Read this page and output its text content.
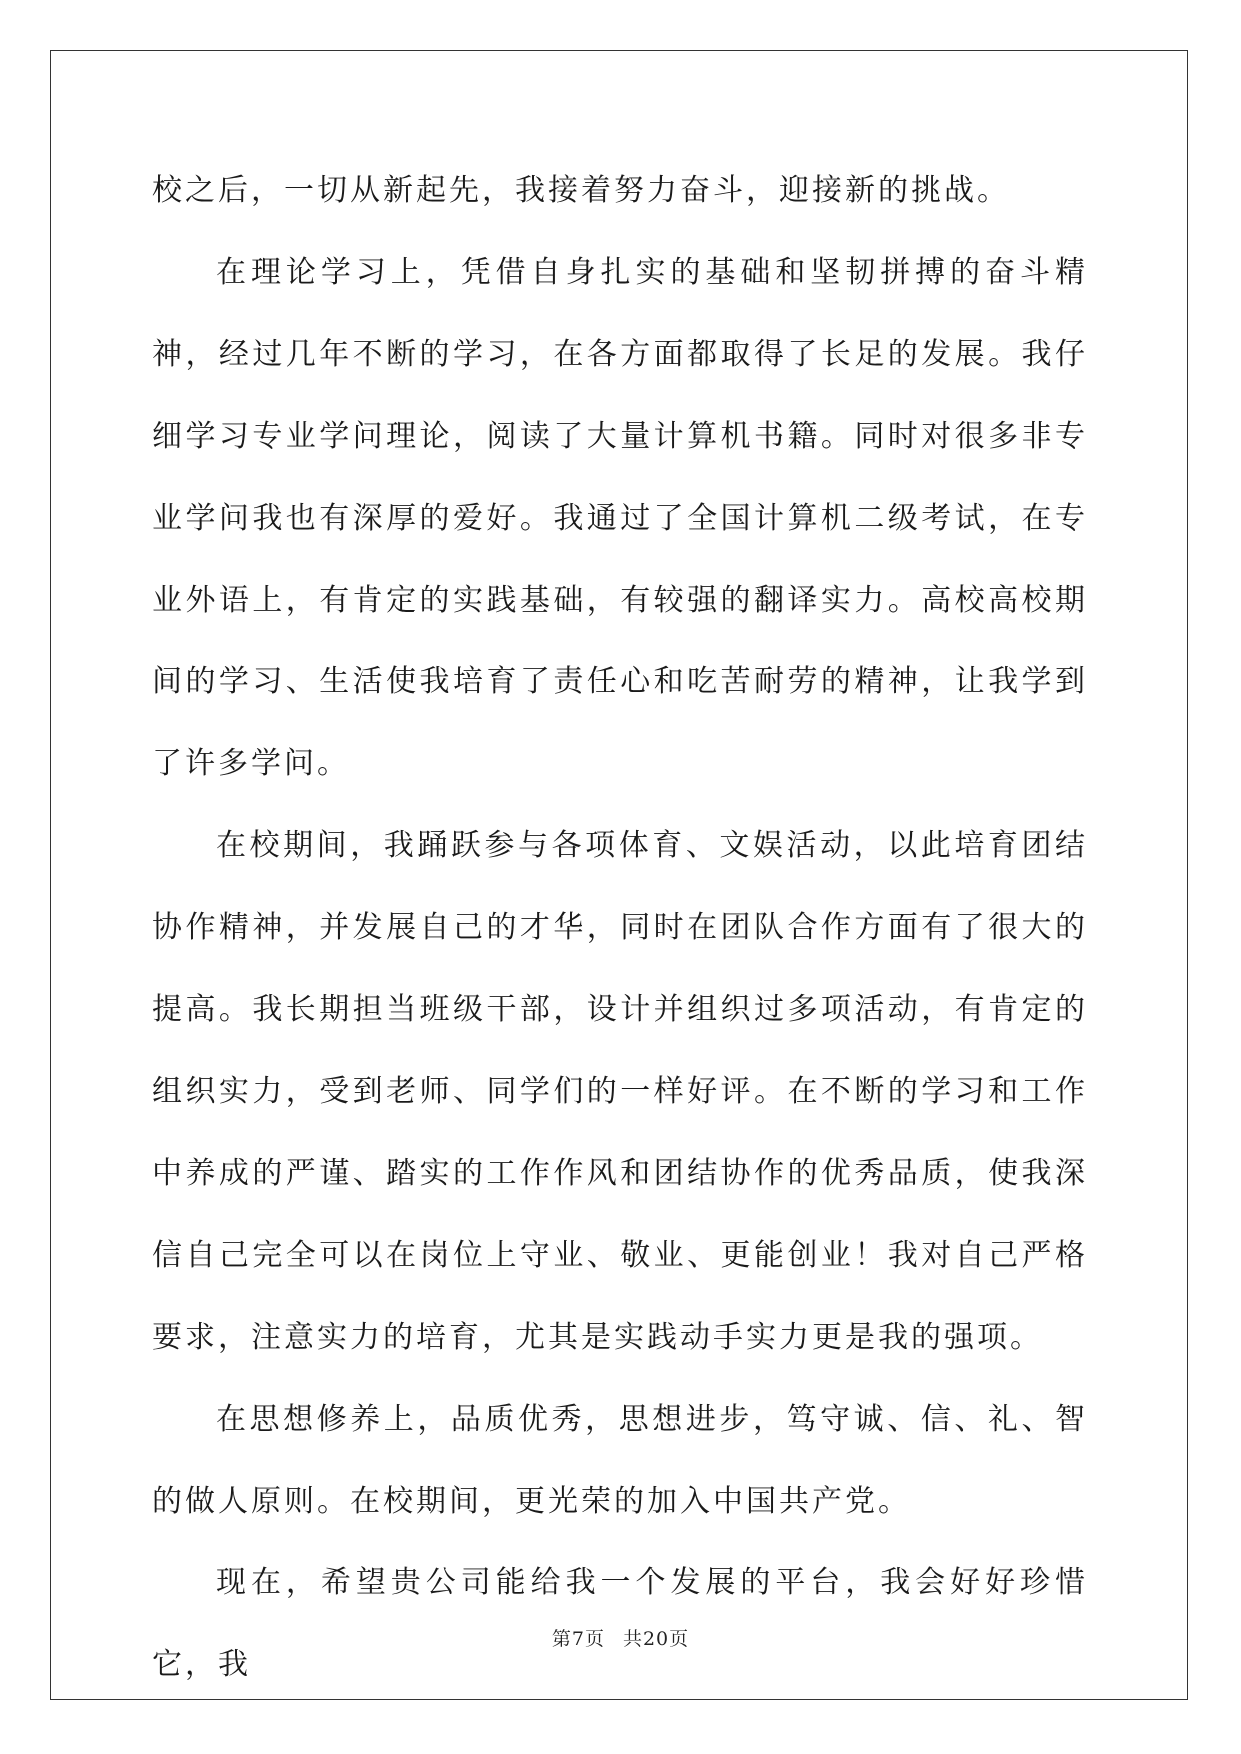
校之后，一切从新起先，我接着努力奋斗，迎接新的挑战。

在理论学习上，凭借自身扎实的基础和坚韧拼搏的奋斗精神，经过几年不断的学习，在各方面都取得了长足的发展。我仔细学习专业学问理论，阅读了大量计算机书籍。同时对很多非专业学问我也有深厚的爱好。我通过了全国计算机二级考试，在专业外语上，有肯定的实践基础，有较强的翻译实力。高校高校期间的学习、生活使我培育了责任心和吃苦耐劳的精神，让我学到了许多学问。

在校期间，我踊跃参与各项体育、文娱活动，以此培育团结协作精神，并发展自己的才华，同时在团队合作方面有了很大的提高。我长期担当班级干部，设计并组织过多项活动，有肯定的组织实力，受到老师、同学们的一样好评。在不断的学习和工作中养成的严谨、踏实的工作作风和团结协作的优秀品质，使我深信自己完全可以在岗位上守业、敬业、更能创业！我对自己严格要求，注意实力的培育，尤其是实践动手实力更是我的强项。

在思想修养上，品质优秀，思想进步，笃守诚、信、礼、智的做人原则。在校期间，更光荣的加入中国共产党。

现在，希望贵公司能给我一个发展的平台，我会好好珍惜它，我

第7页 共20页
